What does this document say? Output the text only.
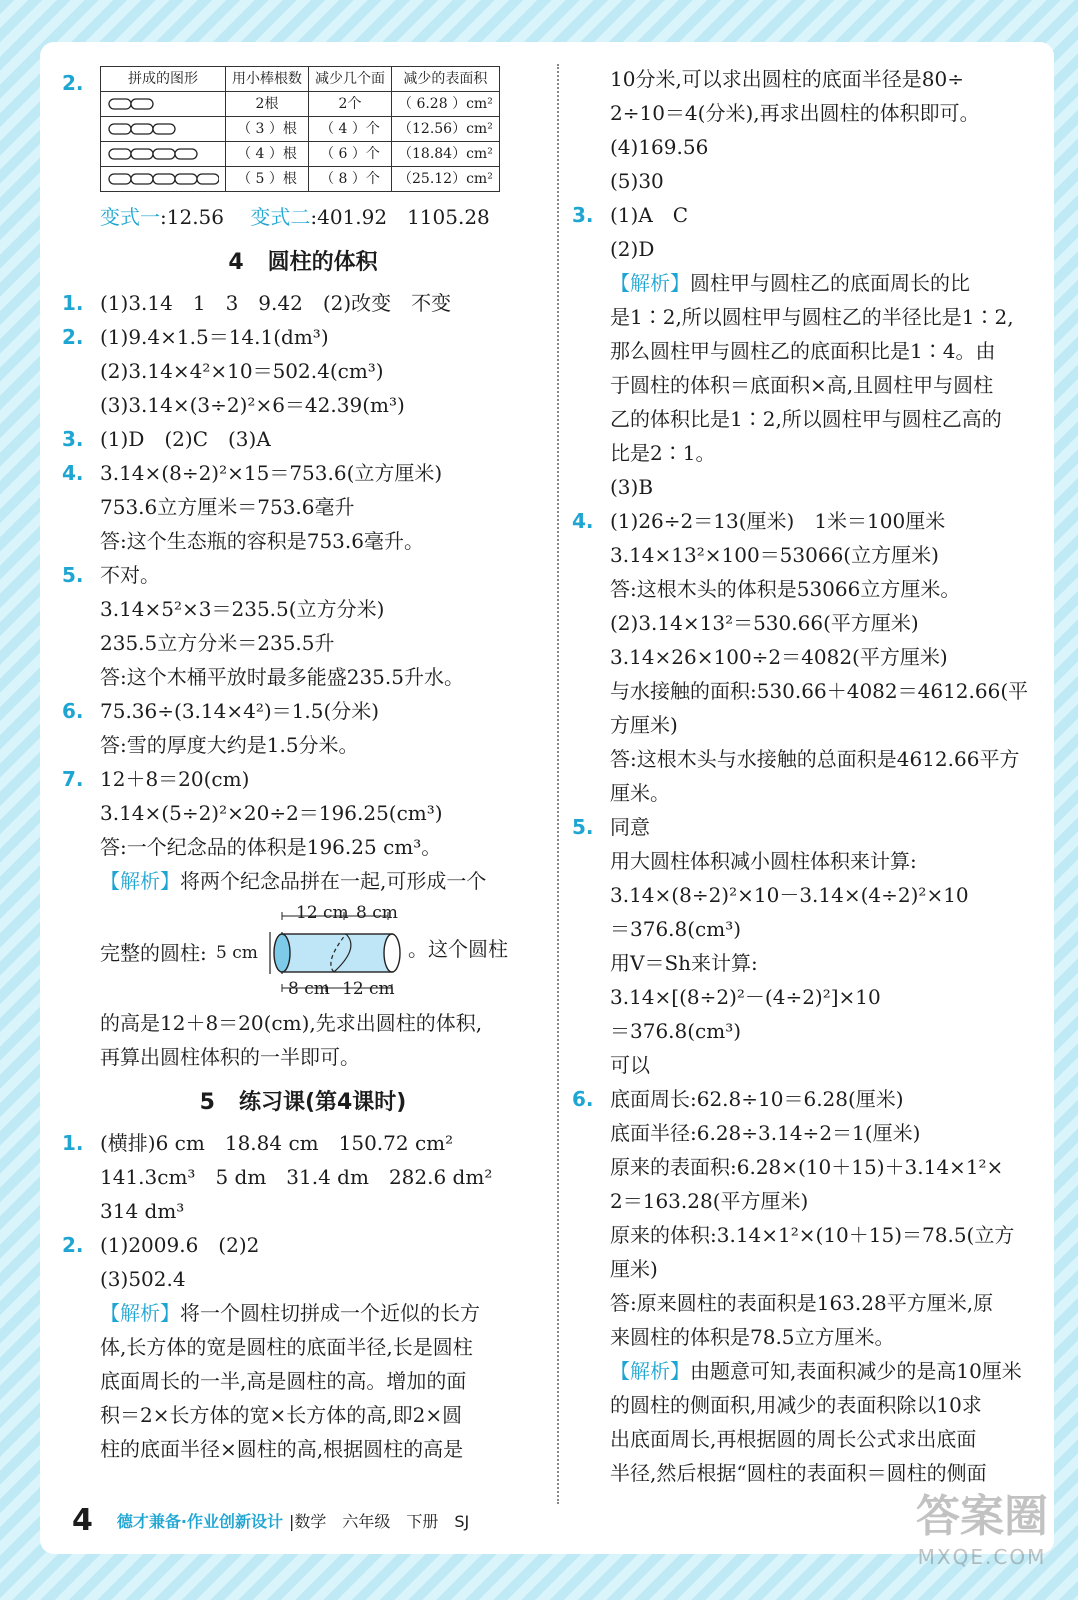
2.	拼成的图形	用小棒根数	减少几个面	减少的表面积
	2根	2个	（ 6.28 ）cm²
	（ 3 ）根	（ 4 ）个	（12.56）cm²
	（ 4 ）根	（ 6 ）个	（18.84）cm²
	（ 5 ）根	（ 8 ）个	（25.12）cm²
变式一:12.56　 变式二:401.92　1105.28
4 圆柱的体积
1. (1)3.14　1　3　9.42　(2)改变　不变
2. (1)9.4×1.5＝14.1(dm³)
(2)3.14×4²×10＝502.4(cm³)
(3)3.14×(3÷2)²×6＝42.39(m³)
3. (1)D　(2)C　(3)A
4. 3.14×(8÷2)²×15＝753.6(立方厘米)
753.6立方厘米＝753.6毫升
答:这个生态瓶的容积是753.6毫升。
5. 不对。
3.14×5²×3＝235.5(立方分米)
235.5立方分米＝235.5升
答:这个木桶平放时最多能盛235.5升水。
6. 75.36÷(3.14×4²)＝1.5(分米)
答:雪的厚度大约是1.5分米。
7. 12＋8＝20(cm)
3.14×(5÷2)²×20÷2＝196.25(cm³)
答:一个纪念品的体积是196.25 cm³。
【解析】将两个纪念品拼在一起,可形成一个
完整的圆柱: 5 cm
12 cm 8 cm
8 cm 12 cm
。这个圆柱
的高是12＋8＝20(cm),先求出圆柱的体积,
再算出圆柱体积的一半即可。
5 练习课(第4课时)
1. (横排)6 cm　18.84 cm　150.72 cm²
141.3cm³　5 dm　31.4 dm　282.6 dm²
314 dm³
2. (1)2009.6　(2)2
(3)502.4
【解析】将一个圆柱切拼成一个近似的长方
体,长方体的宽是圆柱的底面半径,长是圆柱
底面周长的一半,高是圆柱的高。增加的面
积＝2×长方体的宽×长方体的高,即2×圆
柱的底面半径×圆柱的高,根据圆柱的高是
10分米,可以求出圆柱的底面半径是80÷
2÷10＝4(分米),再求出圆柱的体积即可。
(4)169.56
(5)30
3. (1)A　C
(2)D
【解析】圆柱甲与圆柱乙的底面周长的比
是1∶2,所以圆柱甲与圆柱乙的半径比是1∶2,
那么圆柱甲与圆柱乙的底面积比是1∶4。由
于圆柱的体积＝底面积×高,且圆柱甲与圆柱
乙的体积比是1∶2,所以圆柱甲与圆柱乙高的
比是2∶1。
(3)B
4. (1)26÷2＝13(厘米)　1米＝100厘米
3.14×13²×100＝53066(立方厘米)
答:这根木头的体积是53066立方厘米。
(2)3.14×13²＝530.66(平方厘米)
3.14×26×100÷2＝4082(平方厘米)
与水接触的面积:530.66＋4082＝4612.66(平
方厘米)
答:这根木头与水接触的总面积是4612.66平方
厘米。
5. 同意
用大圆柱体积减小圆柱体积来计算:
3.14×(8÷2)²×10－3.14×(4÷2)²×10
＝376.8(cm³)
用V＝Sh来计算:
3.14×[(8÷2)²－(4÷2)²]×10
＝376.8(cm³)
可以
6. 底面周长:62.8÷10＝6.28(厘米)
底面半径:6.28÷3.14÷2＝1(厘米)
原来的表面积:6.28×(10＋15)＋3.14×1²×
2＝163.28(平方厘米)
原来的体积:3.14×1²×(10＋15)＝78.5(立方
厘米)
答:原来圆柱的表面积是163.28平方厘米,原
来圆柱的体积是78.5立方厘米。
【解析】由题意可知,表面积减少的是高10厘米
的圆柱的侧面积,用减少的表面积除以10求
出底面周长,再根据圆的周长公式求出底面
半径,然后根据“圆柱的表面积＝圆柱的侧面
4 德才兼备·作业创新设计 |数学　六年级　下册　SJ	答案圈
MXQE.COM
